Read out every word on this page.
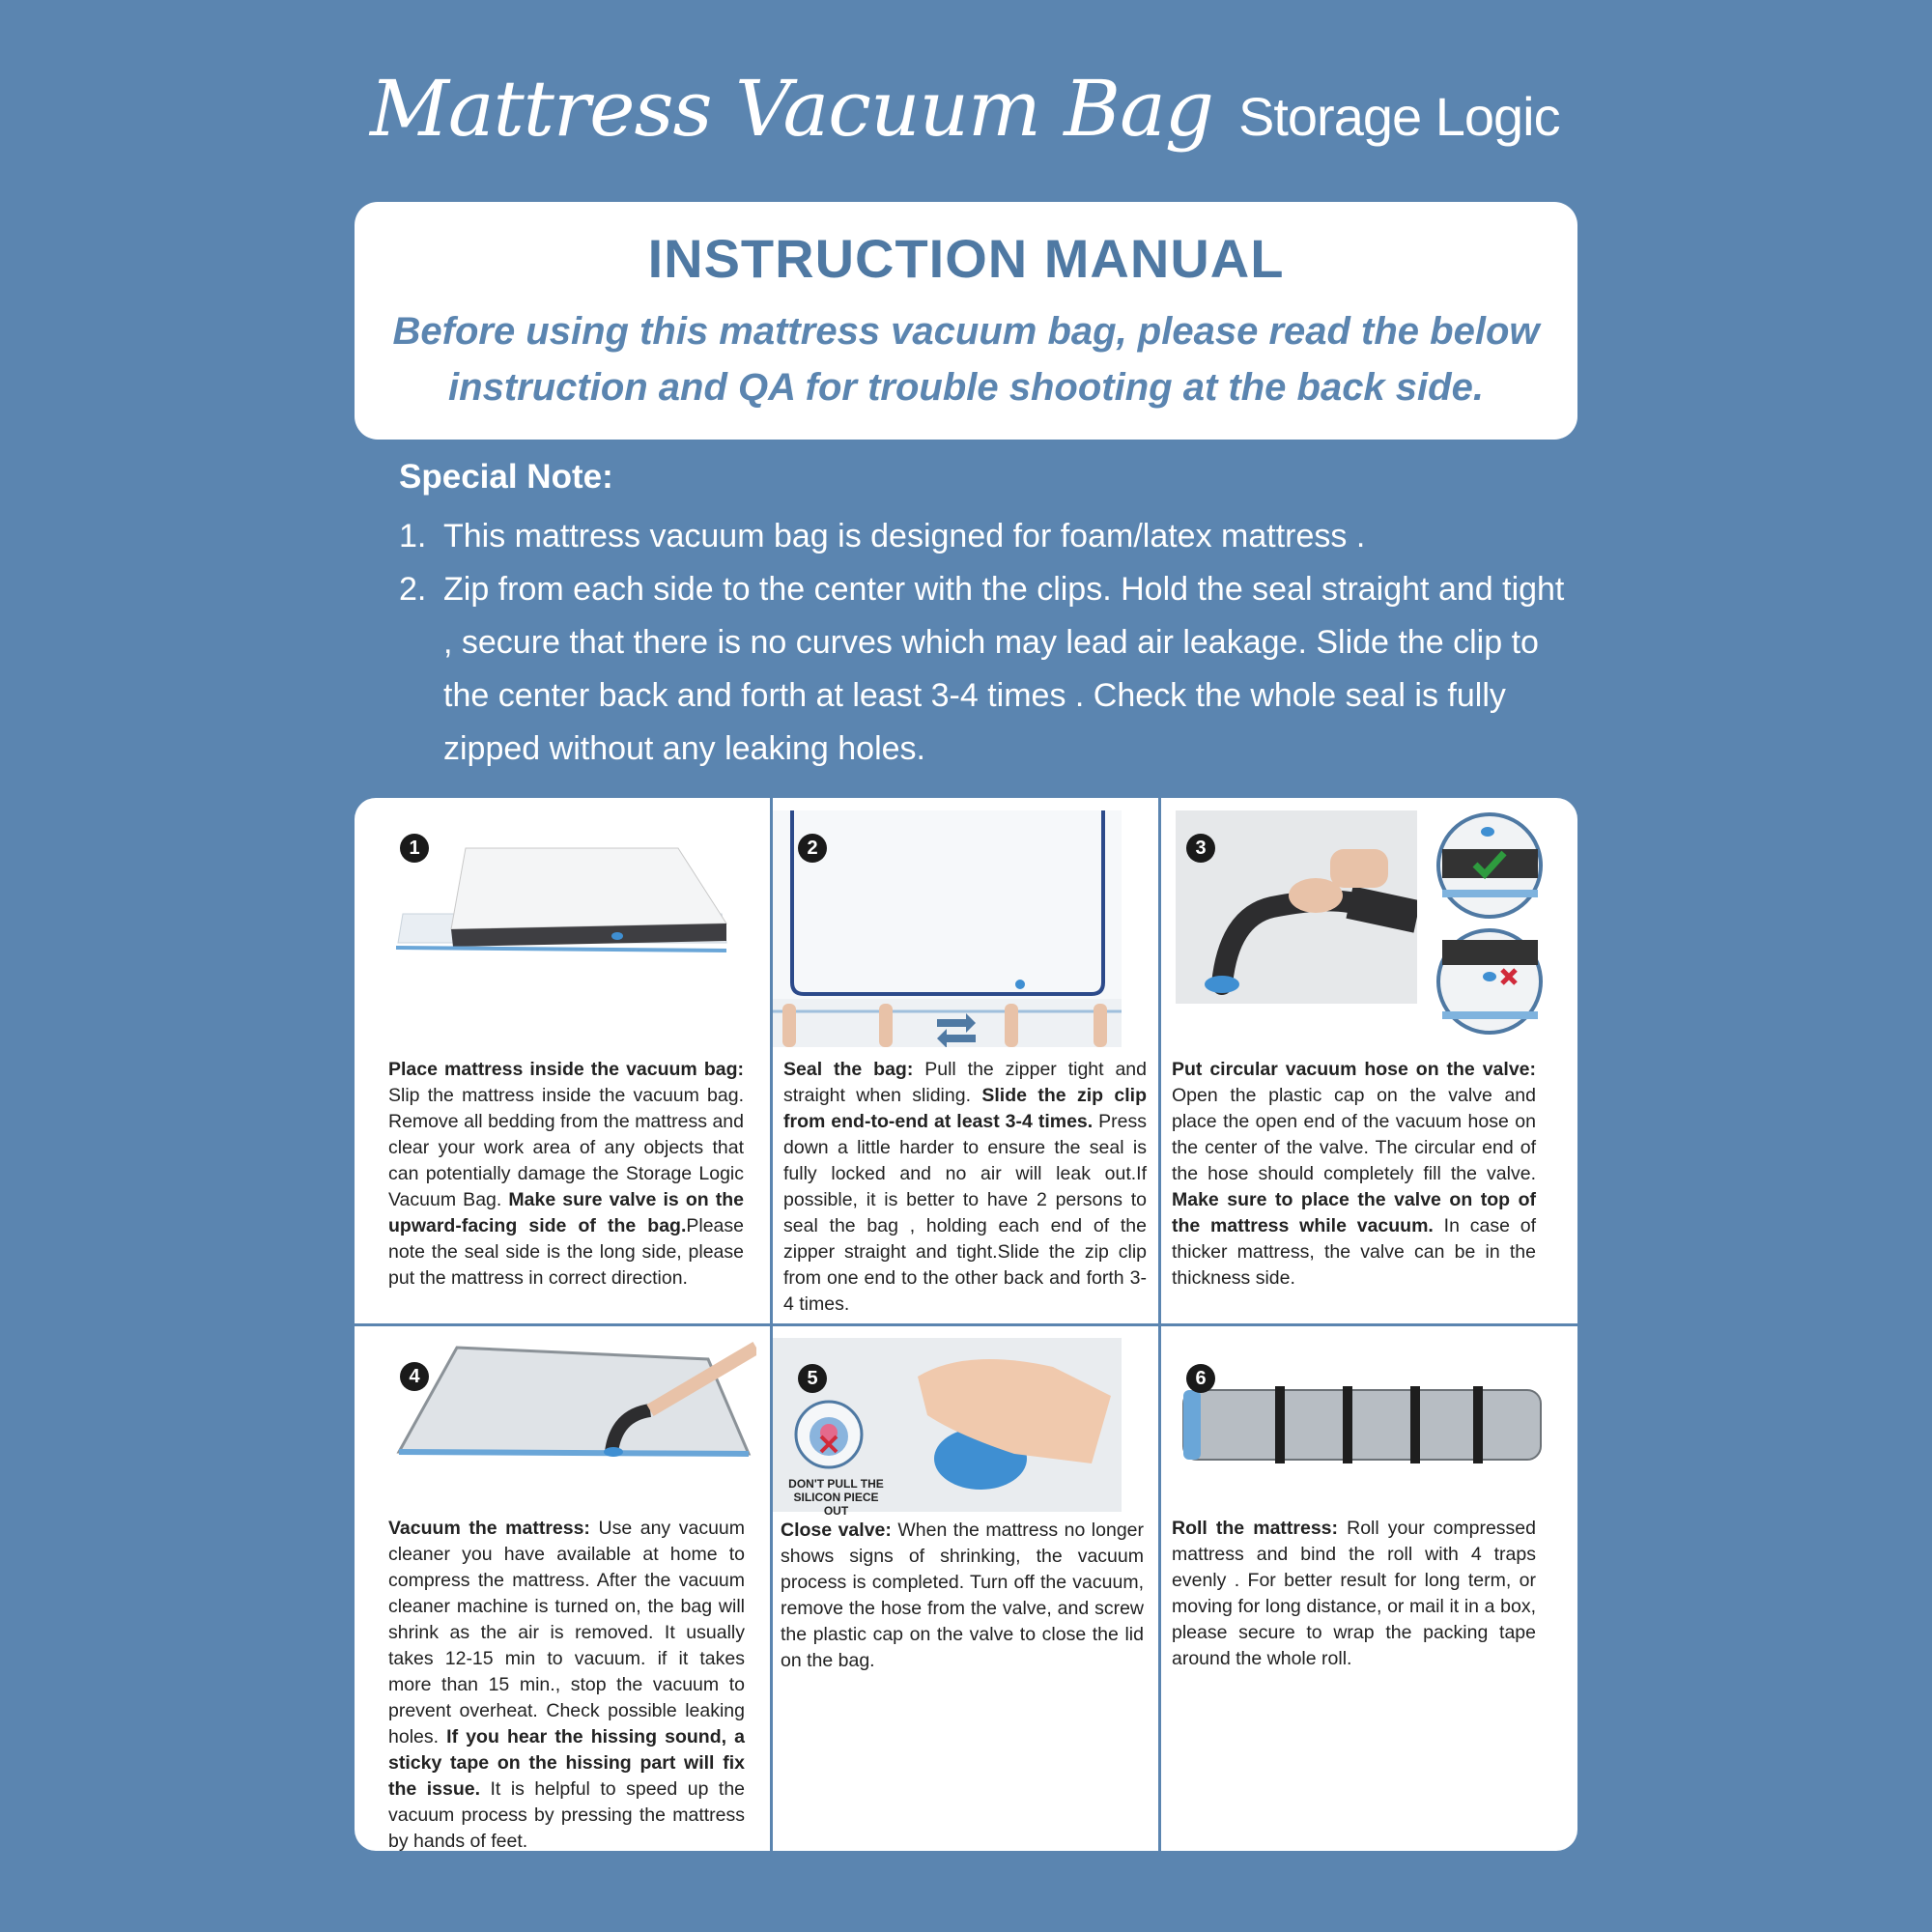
Mattress Vacuum Bag Storage Logic
INSTRUCTION MANUAL
Before using this mattress vacuum bag, please read the below instruction and QA for trouble shooting at the back side.
Special Note:
1. This mattress vacuum bag is designed for foam/latex mattress .
2. Zip from each side to the center with the clips. Hold the seal straight and tight , secure that there is no curves which may lead air leakage. Slide the clip to the center back and forth at least 3-4 times . Check the whole seal is fully zipped without any leaking holes.
1
Place mattress inside the vacuum bag: Slip the mattress inside the vacuum bag. Remove all bedding from the mattress and clear your work area of any objects that can potentially damage the Storage Logic Vacuum Bag. Make sure valve is on the upward-facing side of the bag.Please note the seal side is the long side, please put the mattress in correct direction.
2
Seal the bag: Pull the zipper tight and straight when sliding. Slide the zip clip from end-to-end at least 3-4 times. Press down a little harder to ensure the seal is fully locked and no air will leak out.If possible, it is better to have 2 persons to seal the bag , holding each end of the zipper straight and tight.Slide the zip clip from one end to the other back and forth 3-4 times.
3
Put circular vacuum hose on the valve: Open the plastic cap on the valve and place the open end of the vacuum hose on the center of the valve. The circular end of the hose should completely fill the valve. Make sure to place the valve on top of the mattress while vacuum. In case of thicker mattress, the valve can be in the thickness side.
4
Vacuum the mattress: Use any vacuum cleaner you have available at home to compress the mattress. After the vacuum cleaner machine is turned on, the bag will shrink as the air is removed. It usually takes 12-15 min to vacuum. if it takes more than 15 min., stop the vacuum to prevent overheat. Check possible leaking holes. If you hear the hissing sound, a sticky tape on the hissing part will fix the issue. It is helpful to speed up the vacuum process by pressing the mattress by hands of feet.
DON'T PULL THE SILICON PIECE OUT
5
Close valve: When the mattress no longer shows signs of shrinking, the vacuum process is completed. Turn off the vacuum, remove the hose from the valve, and screw the plastic cap on the valve to close the lid on the bag.
6
Roll the mattress: Roll your compressed mattress and bind the roll with 4 traps evenly . For better result for long term, or moving for long distance, or mail it in a box, please secure to wrap the packing tape around the whole roll.
